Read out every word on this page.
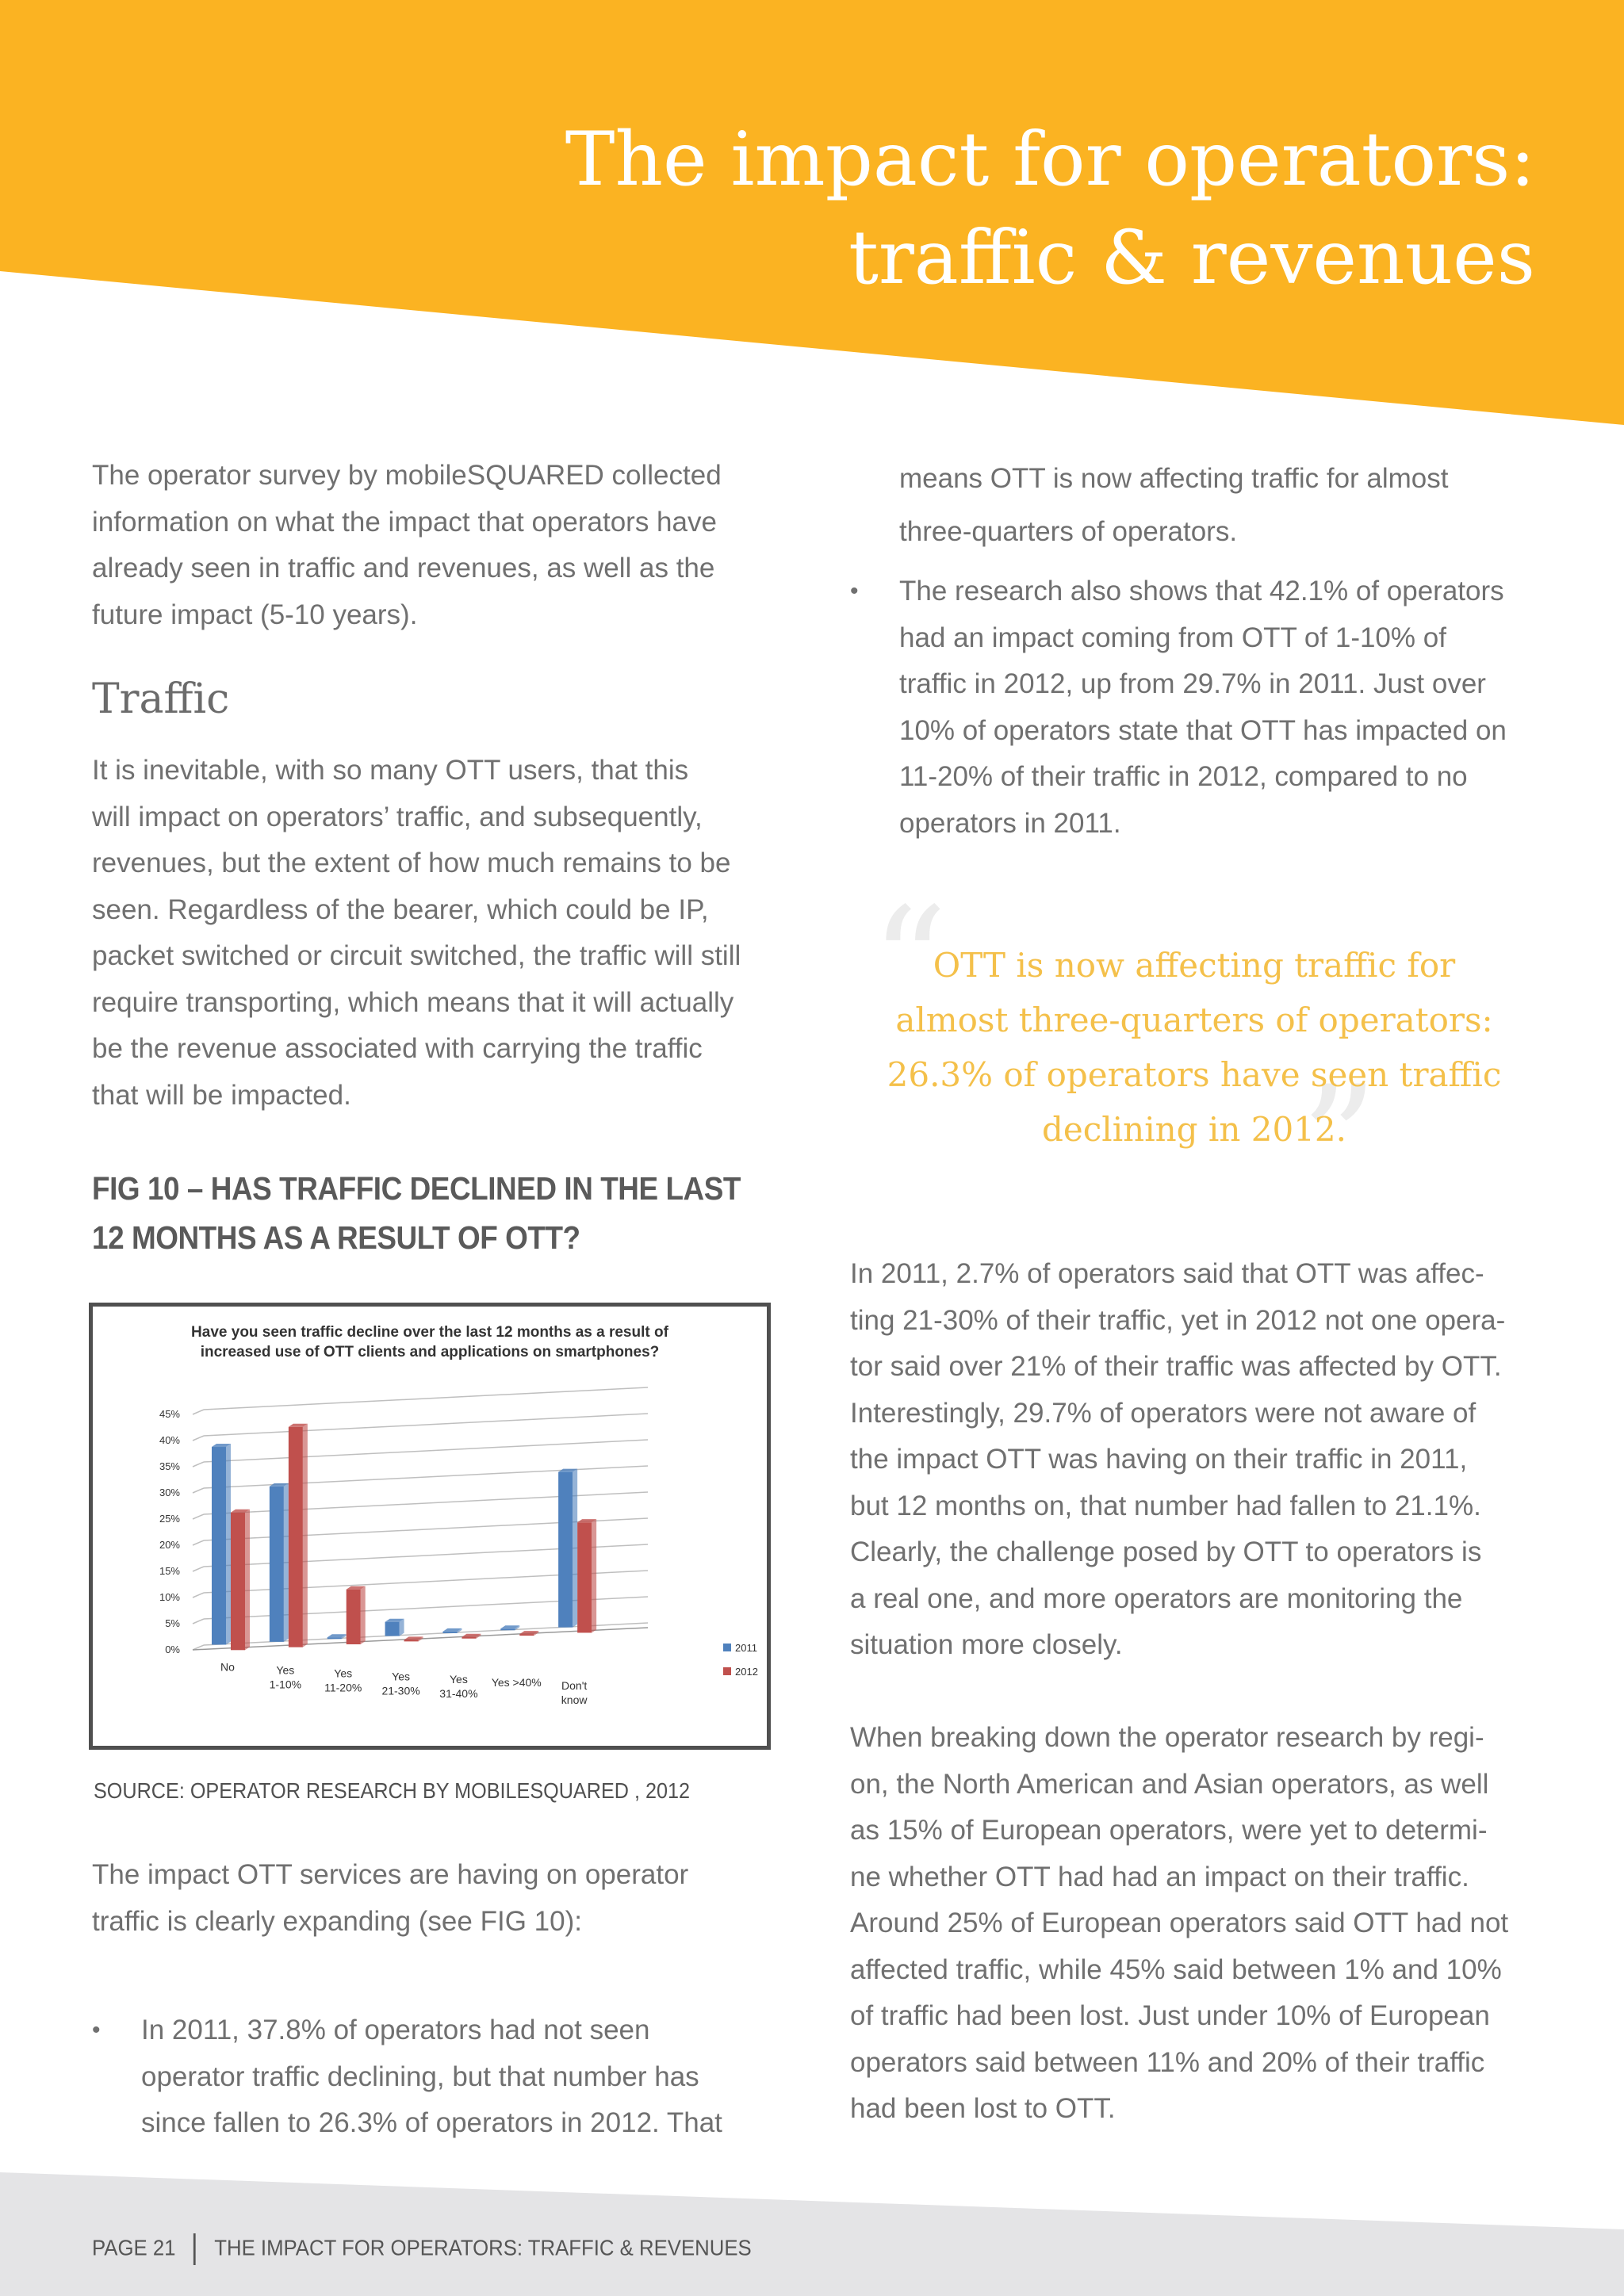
The impact for operators:
traffic & revenues

The operator survey by mobileSQUARED collected
information on what the impact that operators have
already seen in traffic and revenues, as well as the
future impact (5-10 years).

Traffic

It is inevitable, with so many OTT users, that this
will impact on operators’ traffic, and subsequently,
revenues, but the extent of how much remains to be
seen. Regardless of the bearer, which could be IP,
packet switched or circuit switched, the traffic will still
require transporting, which means that it will actually
be the revenue associated with carrying the traffic
that will be impacted.

FIG 10 – HAS TRAFFIC DECLINED IN THE LAST
12 MONTHS AS A RESULT OF OTT?
Have you seen traffic decline over the last 12 months as a result of
increased use of OTT clients and applications on smartphones?
0%
5%
10%
15%
20%
25%
30%
35%
40%
45%
No	Yes
1-10%
Yes
11-20%
Yes
21-30%
Yes
31-40%
Yes >40% Don't
know
2011
2012
SOURCE: OPERATOR RESEARCH BY MOBILESQUARED , 2012

The impact OTT services are having on operator
traffic is clearly expanding (see FIG 10):

• In 2011, 37.8% of operators had not seen
operator traffic declining, but that number has
since fallen to 26.3% of operators in 2012. That

means OTT is now affecting traffic for almost
three-quarters of operators.

• The research also shows that 42.1% of operators
had an impact coming from OTT of 1-10% of
traffic in 2012, up from 29.7% in 2011. Just over
10% of operators state that OTT has impacted on
11-20% of their traffic in 2012, compared to no
operators in 2011.
“
”
OTT is now affecting traffic for
almost three-quarters of operators:
26.3% of operators have seen traffic
declining in 2012.

In 2011, 2.7% of operators said that OTT was affec-
ting 21-30% of their traffic, yet in 2012 not one opera-
tor said over 21% of their traffic was affected by OTT.
Interestingly, 29.7% of operators were not aware of
the impact OTT was having on their traffic in 2011,
but 12 months on, that number had fallen to 21.1%.
Clearly, the challenge posed by OTT to operators is
a real one, and more operators are monitoring the
situation more closely.

When breaking down the operator research by regi-
on, the North American and Asian operators, as well
as 15% of European operators, were yet to determi-
ne whether OTT had had an impact on their traffic.
Around 25% of European operators said OTT had not
affected traffic, while 45% said between 1% and 10%
of traffic had been lost. Just under 10% of European
operators said between 11% and 20% of their traffic
had been lost to OTT.

PAGE 21 THE IMPACT FOR OPERATORS: TRAFFIC & REVENUES
